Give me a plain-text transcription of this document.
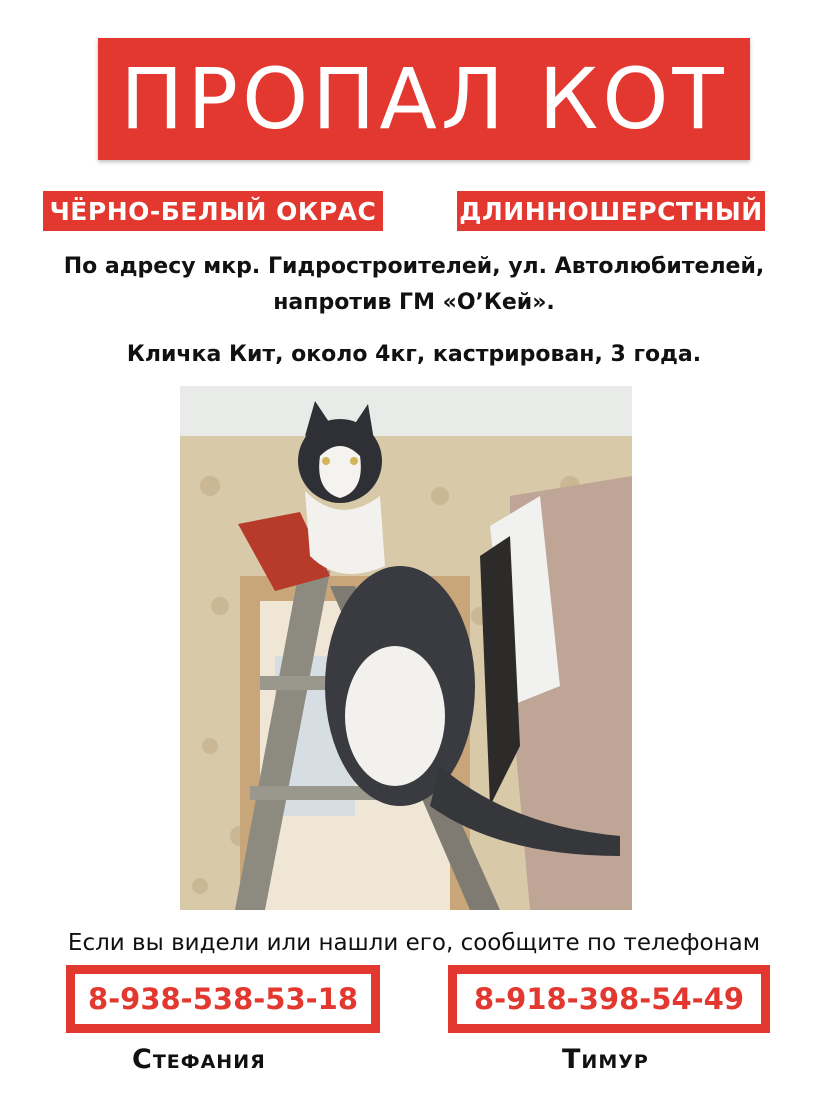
ПРОПАЛ КОТ
ЧЁРНО-БЕЛЫЙ ОКРАС	ДЛИННОШЕРСТНЫЙ
По адресу мкр. Гидростроителей, ул. Автолюбителей,
напротив ГМ «О’Кей».
Кличка Кит, около 4кг, кастрирован, 3 года.
Если вы видели или нашли его, сообщите по телефонам
8-938-538-53-18	8-918-398-54-49
Стефания	Тимур
